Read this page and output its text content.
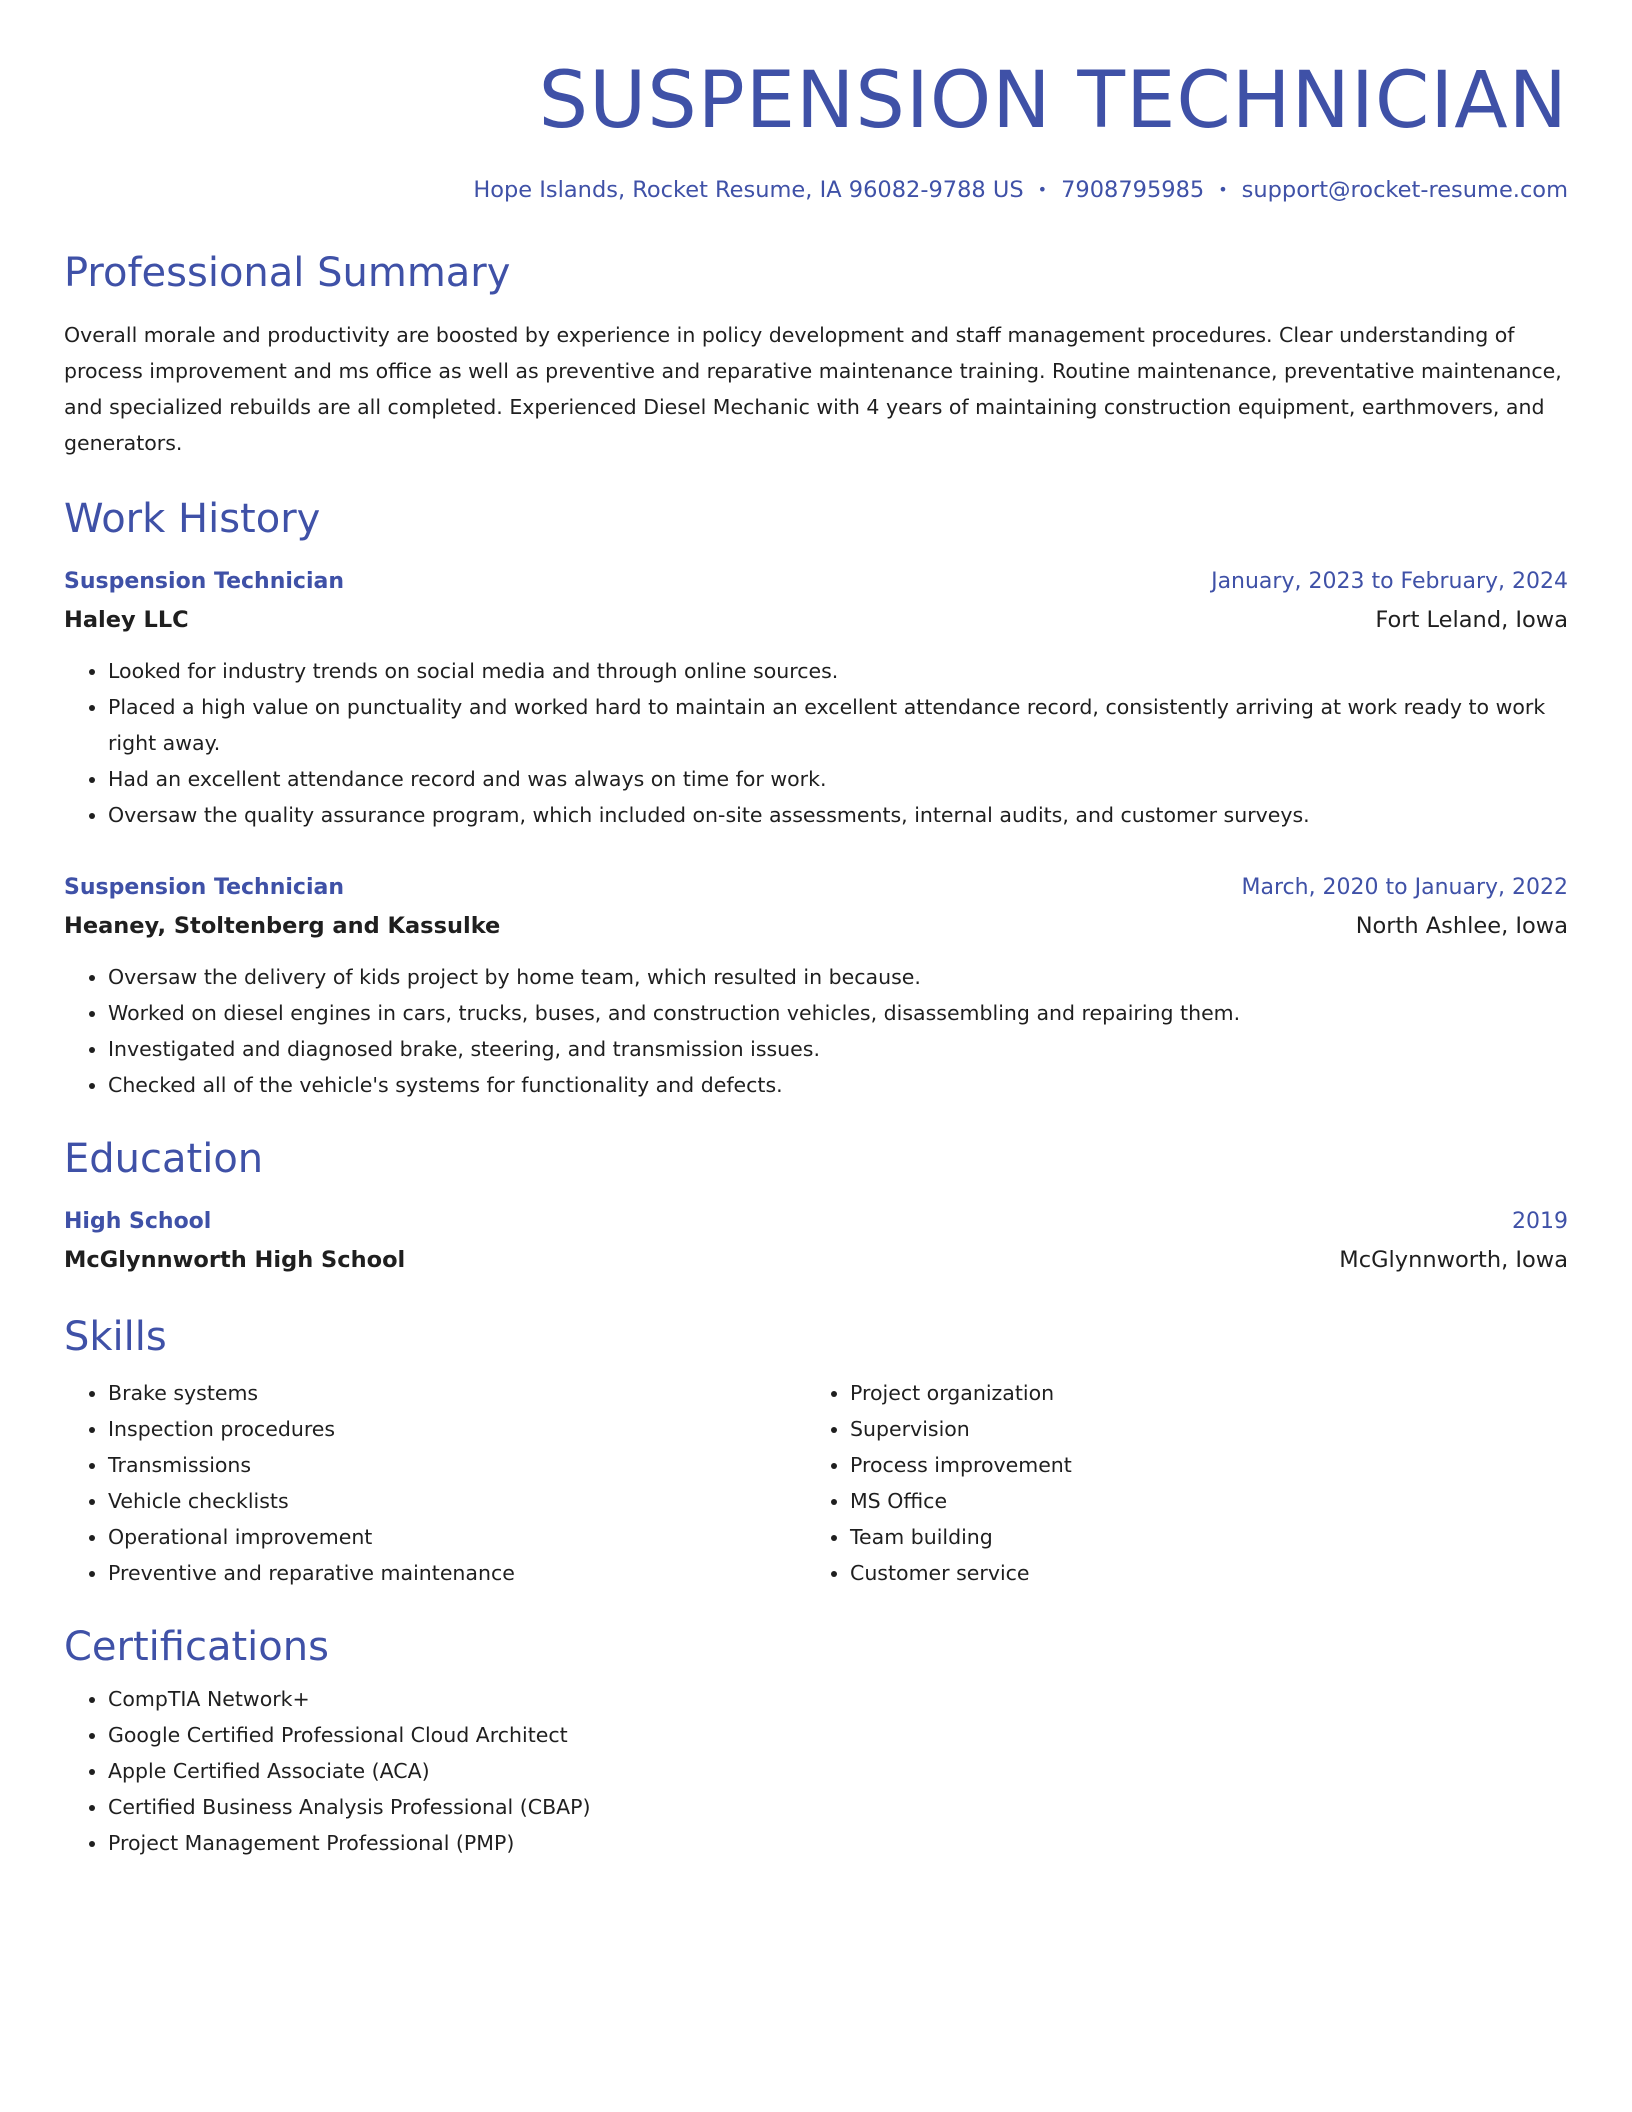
SUSPENSION TECHNICIAN
Hope Islands, Rocket Resume, IA 96082-9788 US • 7908795985 • support@rocket-resume.com
Professional Summary
Overall morale and productivity are boosted by experience in policy development and staff management procedures. Clear understanding of process improvement and ms office as well as preventive and reparative maintenance training. Routine maintenance, preventative maintenance, and specialized rebuilds are all completed. Experienced Diesel Mechanic with 4 years of maintaining construction equipment, earthmovers, and generators.
Work History
Suspension Technician	January, 2023 to February, 2024
Haley LLC	Fort Leland, Iowa
• Looked for industry trends on social media and through online sources.
• Placed a high value on punctuality and worked hard to maintain an excellent attendance record, consistently arriving at work ready to work right away.
• Had an excellent attendance record and was always on time for work.
• Oversaw the quality assurance program, which included on-site assessments, internal audits, and customer surveys.
Suspension Technician	March, 2020 to January, 2022
Heaney, Stoltenberg and Kassulke	North Ashlee, Iowa
• Oversaw the delivery of kids project by home team, which resulted in because.
• Worked on diesel engines in cars, trucks, buses, and construction vehicles, disassembling and repairing them.
• Investigated and diagnosed brake, steering, and transmission issues.
• Checked all of the vehicle's systems for functionality and defects.
Education
High School	2019
McGlynnworth High School	McGlynnworth, Iowa
Skills
• Brake systems
• Inspection procedures
• Transmissions
• Vehicle checklists
• Operational improvement
• Preventive and reparative maintenance
• Project organization
• Supervision
• Process improvement
• MS Office
• Team building
• Customer service
Certifications
• CompTIA Network+
• Google Certified Professional Cloud Architect
• Apple Certified Associate (ACA)
• Certified Business Analysis Professional (CBAP)
• Project Management Professional (PMP)
